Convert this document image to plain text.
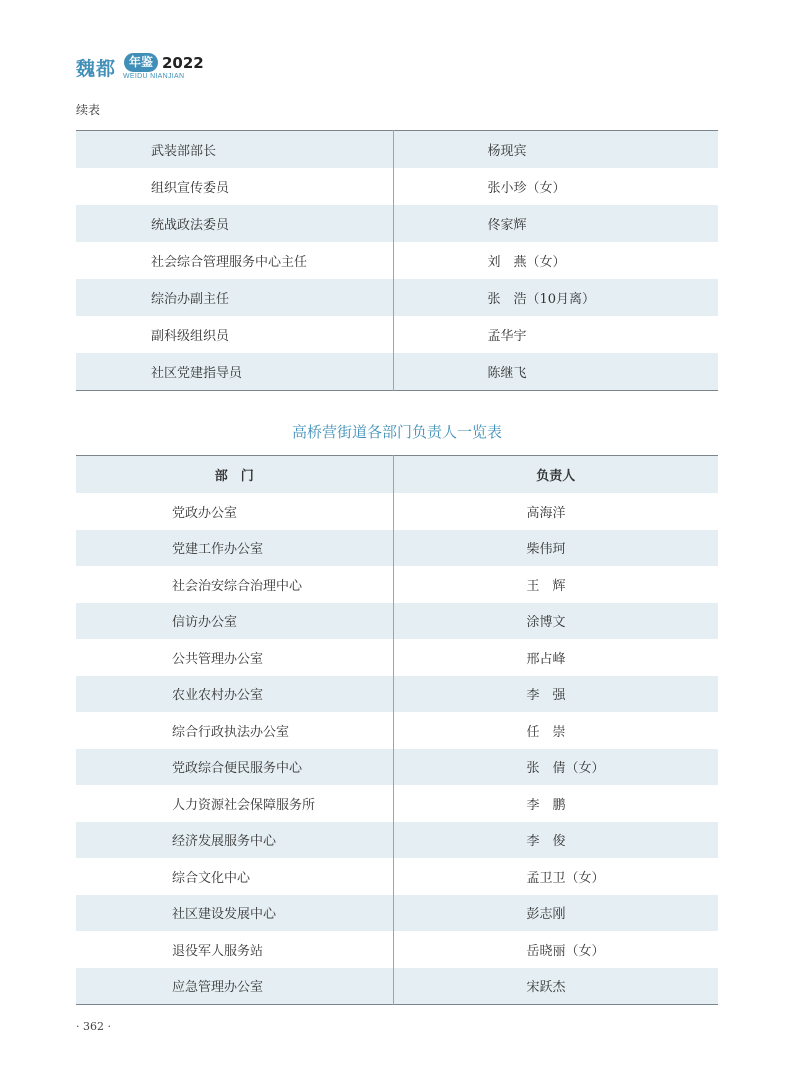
魏都	年鉴 2022
WEIDU NIANJIAN
续表
武装部部长	杨现宾
组织宣传委员	张小珍（女）
统战政法委员	佟家辉
社会综合管理服务中心主任	刘　燕（女）
综治办副主任	张　浩（10月离）
副科级组织员	孟华宇
社区党建指导员	陈继飞
高桥营街道各部门负责人一览表
部　门	负责人
党政办公室	高海洋
党建工作办公室	柴伟珂
社会治安综合治理中心	王　辉
信访办公室	涂博文
公共管理办公室	邢占峰
农业农村办公室	李　强
综合行政执法办公室	任　崇
党政综合便民服务中心	张　倩（女）
人力资源社会保障服务所	李　鹏
经济发展服务中心	李　俊
综合文化中心	孟卫卫（女）
社区建设发展中心	彭志刚
退役军人服务站	岳晓丽（女）
应急管理办公室	宋跃杰
· 362 ·
